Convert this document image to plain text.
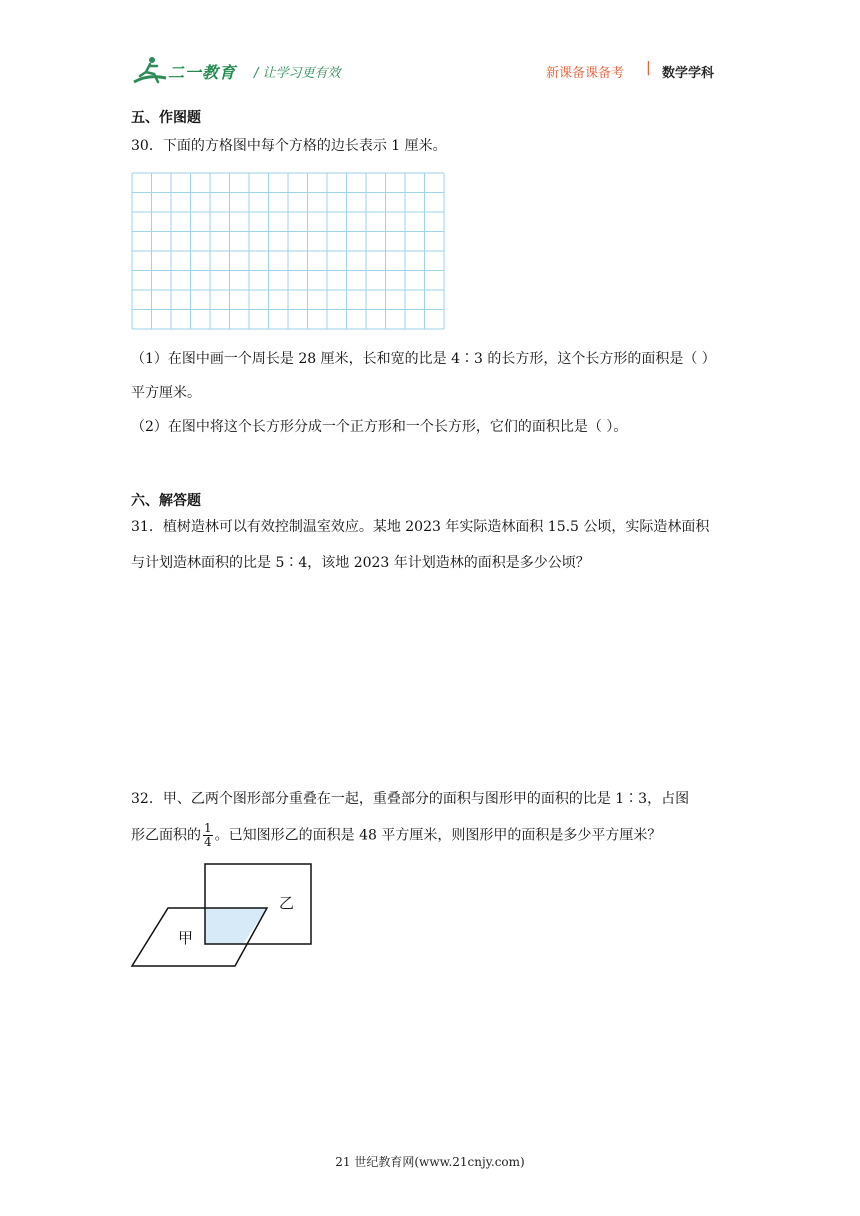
二一教育 / 让学习更有效	新课备课备考 | 数学学科
五、作图题
30．下面的方格图中每个方格的边长表示 1 厘米。
（1）在图中画一个周长是 28 厘米，长和宽的比是 4∶3 的长方形，这个长方形的面积是（ ）
平方厘米。
（2）在图中将这个长方形分成一个正方形和一个长方形，它们的面积比是（ ）。
六、解答题
31．植树造林可以有效控制温室效应。某地 2023 年实际造林面积 15.5 公顷，实际造林面积
与计划造林面积的比是 5∶4，该地 2023 年计划造林的面积是多少公顷？
32．甲、乙两个图形部分重叠在一起，重叠部分的面积与图形甲的面积的比是 1∶3，占图
形乙面积的 $\frac{1}{4}$ 。已知图形乙的面积是 48 平方厘米，则图形甲的面积是多少平方厘米？
乙
甲
21 世纪教育网(www.21cnjy.com)
